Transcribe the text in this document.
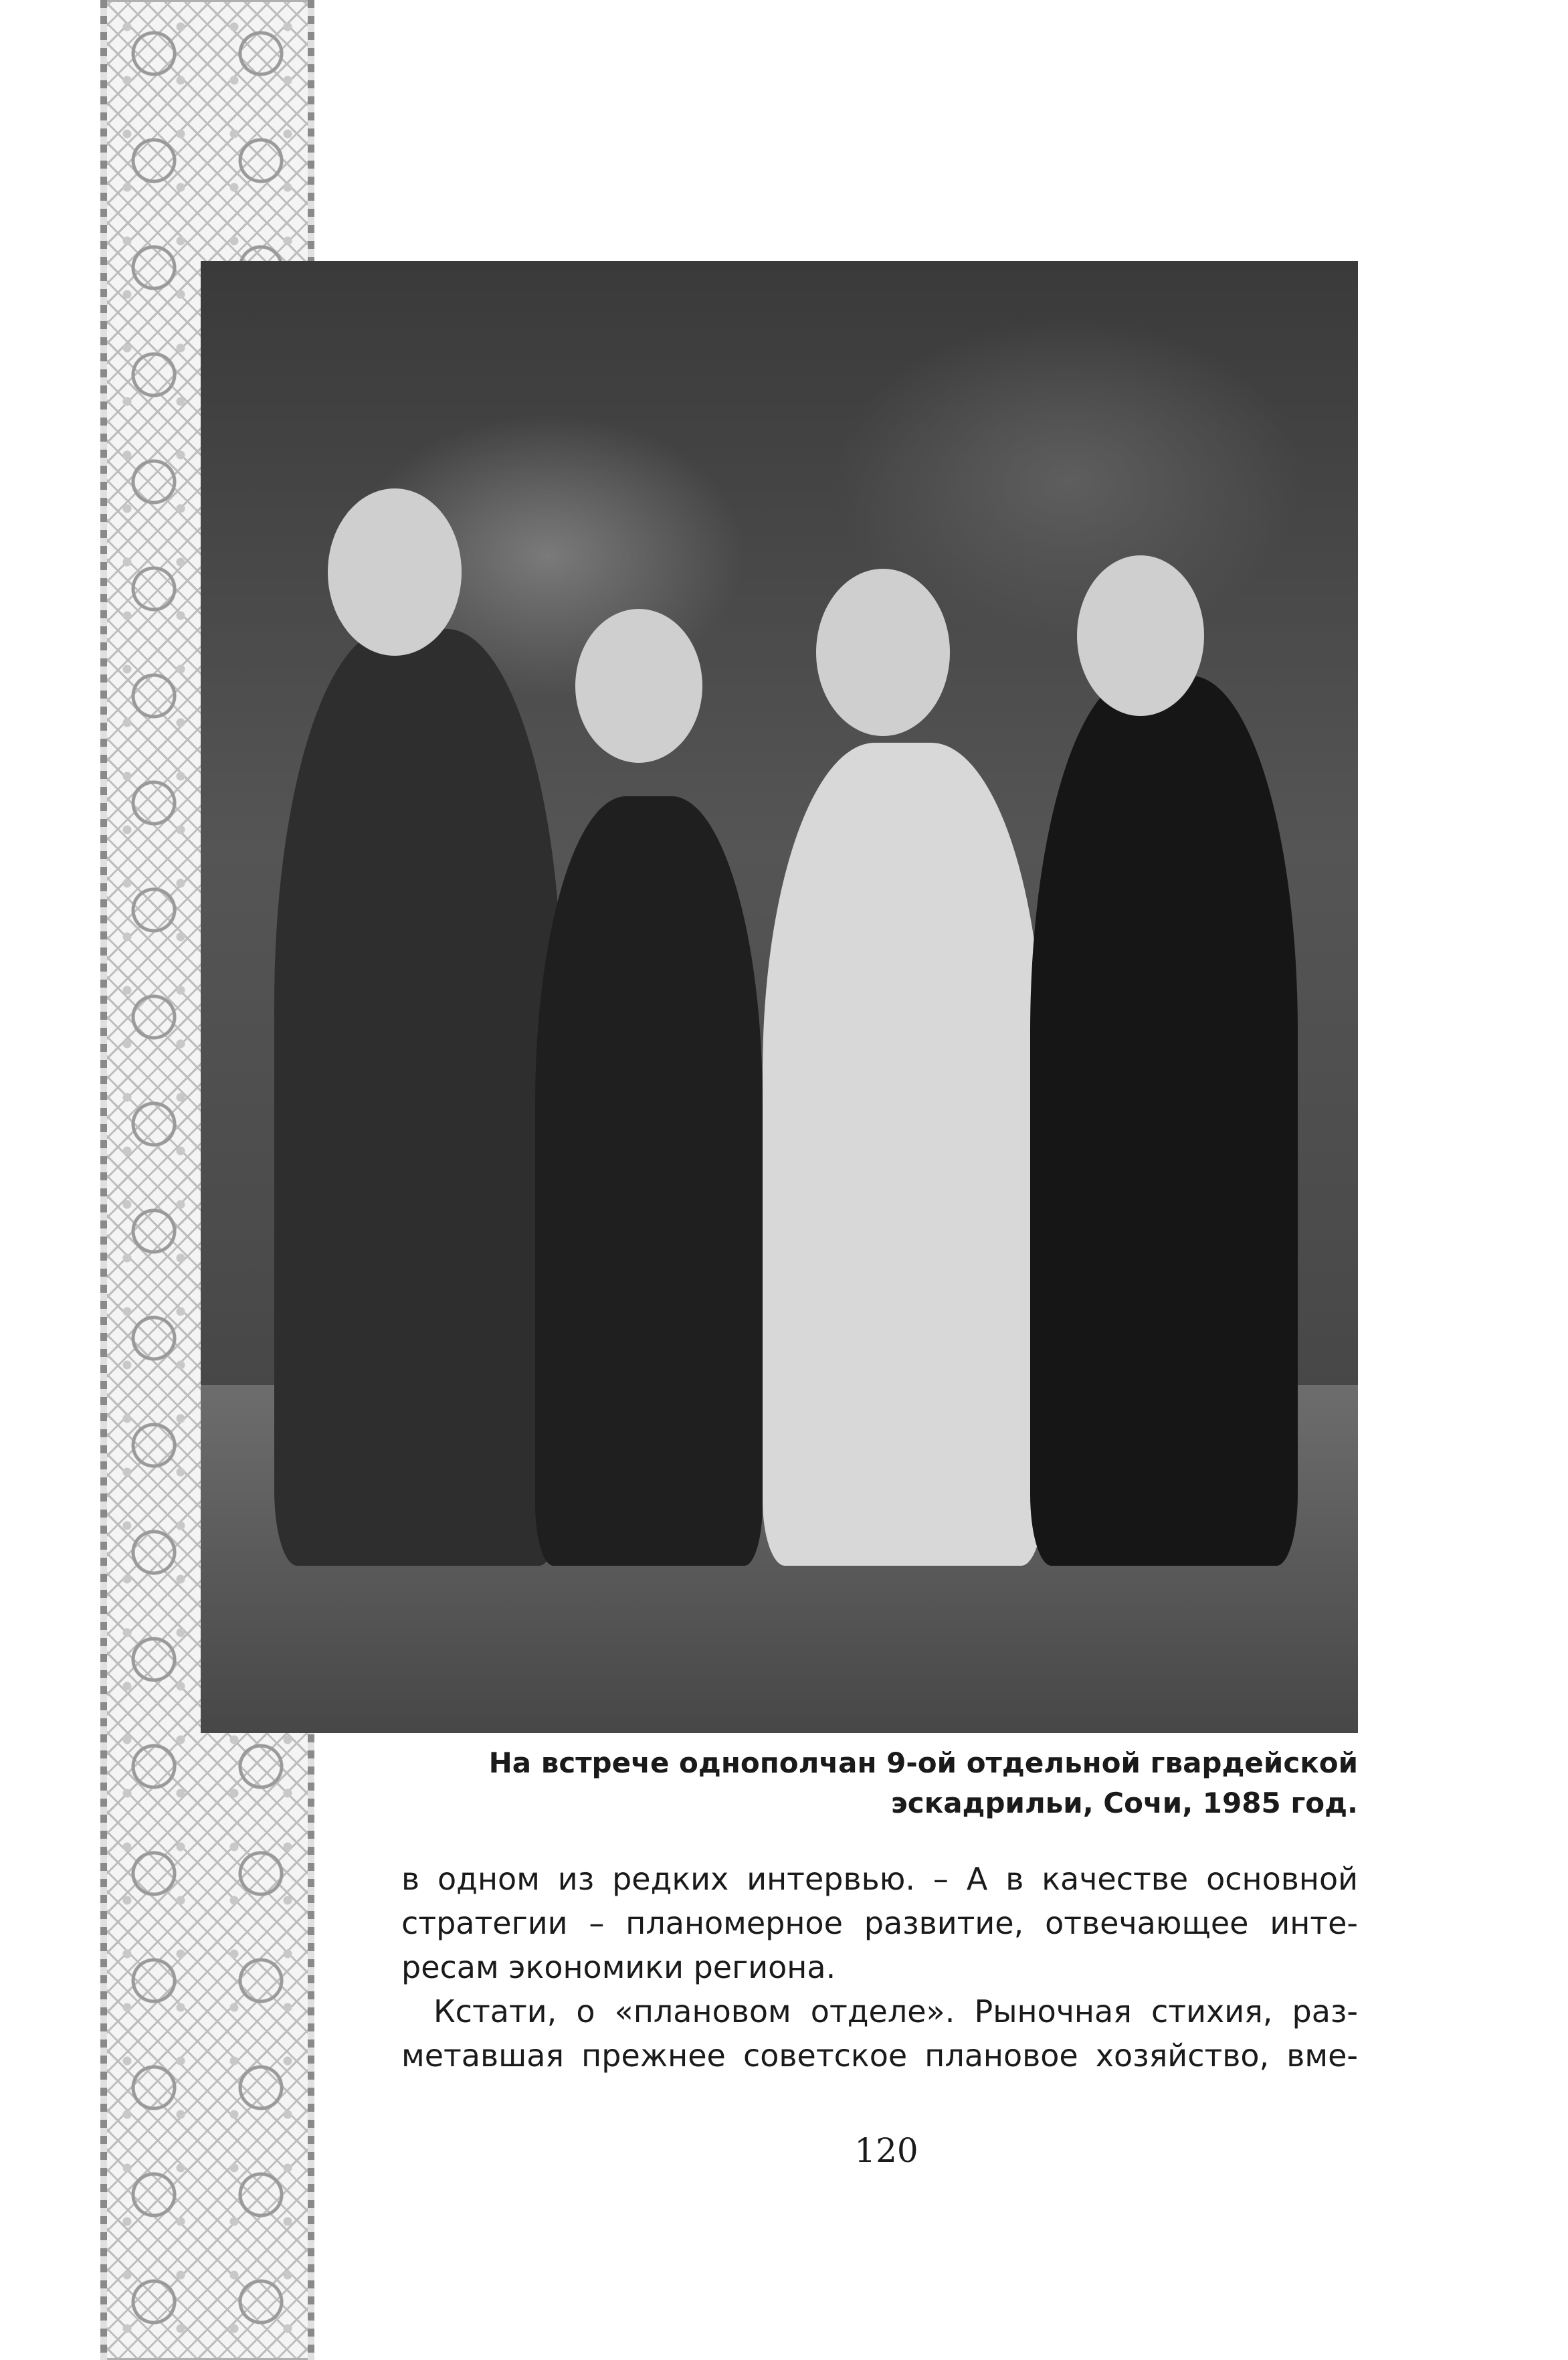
На встрече однополчан 9-ой отдельной гвардейской
эскадрильи, Сочи, 1985 год.
в одном из редких интервью. – А в качестве основной
стратегии – планомерное развитие, отвечающее инте-
ресам экономики региона.
Кстати, о «плановом отделе». Рыночная стихия, раз-
метавшая прежнее советское плановое хозяйство, вме-
120
